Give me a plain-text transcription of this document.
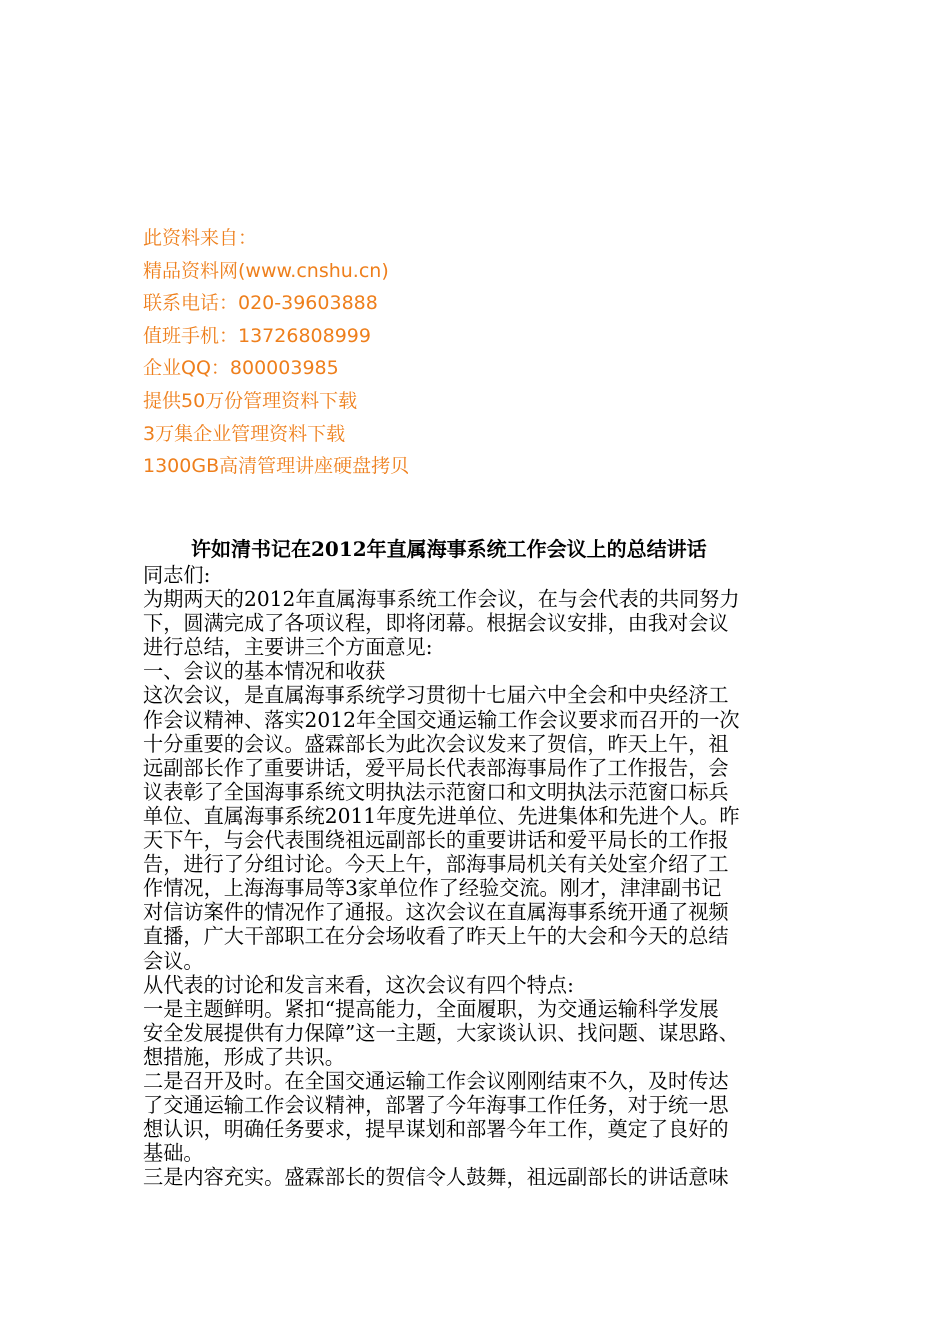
此资料来自：
精品资料网(www.cnshu.cn)
联系电话：020-39603888
值班手机：13726808999
企业QQ：800003985
提供50万份管理资料下载
3万集企业管理资料下载
1300GB高清管理讲座硬盘拷贝
许如清书记在2012年直属海事系统工作会议上的总结讲话

同志们:

为期两天的2012年直属海事系统工作会议，在与会代表的共同努力
下，圆满完成了各项议程，即将闭幕。根据会议安排，由我对会议
进行总结，主要讲三个方面意见:

一、会议的基本情况和收获

这次会议，是直属海事系统学习贯彻十七届六中全会和中央经济工
作会议精神、落实2012年全国交通运输工作会议要求而召开的一次
十分重要的会议。盛霖部长为此次会议发来了贺信，昨天上午，祖
远副部长作了重要讲话，爱平局长代表部海事局作了工作报告，会
议表彰了全国海事系统文明执法示范窗口和文明执法示范窗口标兵
单位、直属海事系统2011年度先进单位、先进集体和先进个人。昨
天下午，与会代表围绕祖远副部长的重要讲话和爱平局长的工作报
告，进行了分组讨论。今天上午，部海事局机关有关处室介绍了工
作情况，上海海事局等3家单位作了经验交流。刚才，津津副书记
对信访案件的情况作了通报。这次会议在直属海事系统开通了视频
直播，广大干部职工在分会场收看了昨天上午的大会和今天的总结
会议。

从代表的讨论和发言来看，这次会议有四个特点:

一是主题鲜明。紧扣“提高能力，全面履职，为交通运输科学发展
安全发展提供有力保障”这一主题，大家谈认识、找问题、谋思路、
想措施，形成了共识。

二是召开及时。在全国交通运输工作会议刚刚结束不久，及时传达
了交通运输工作会议精神，部署了今年海事工作任务，对于统一思
想认识，明确任务要求，提早谋划和部署今年工作，奠定了良好的
基础。

三是内容充实。盛霖部长的贺信令人鼓舞，祖远副部长的讲话意味
